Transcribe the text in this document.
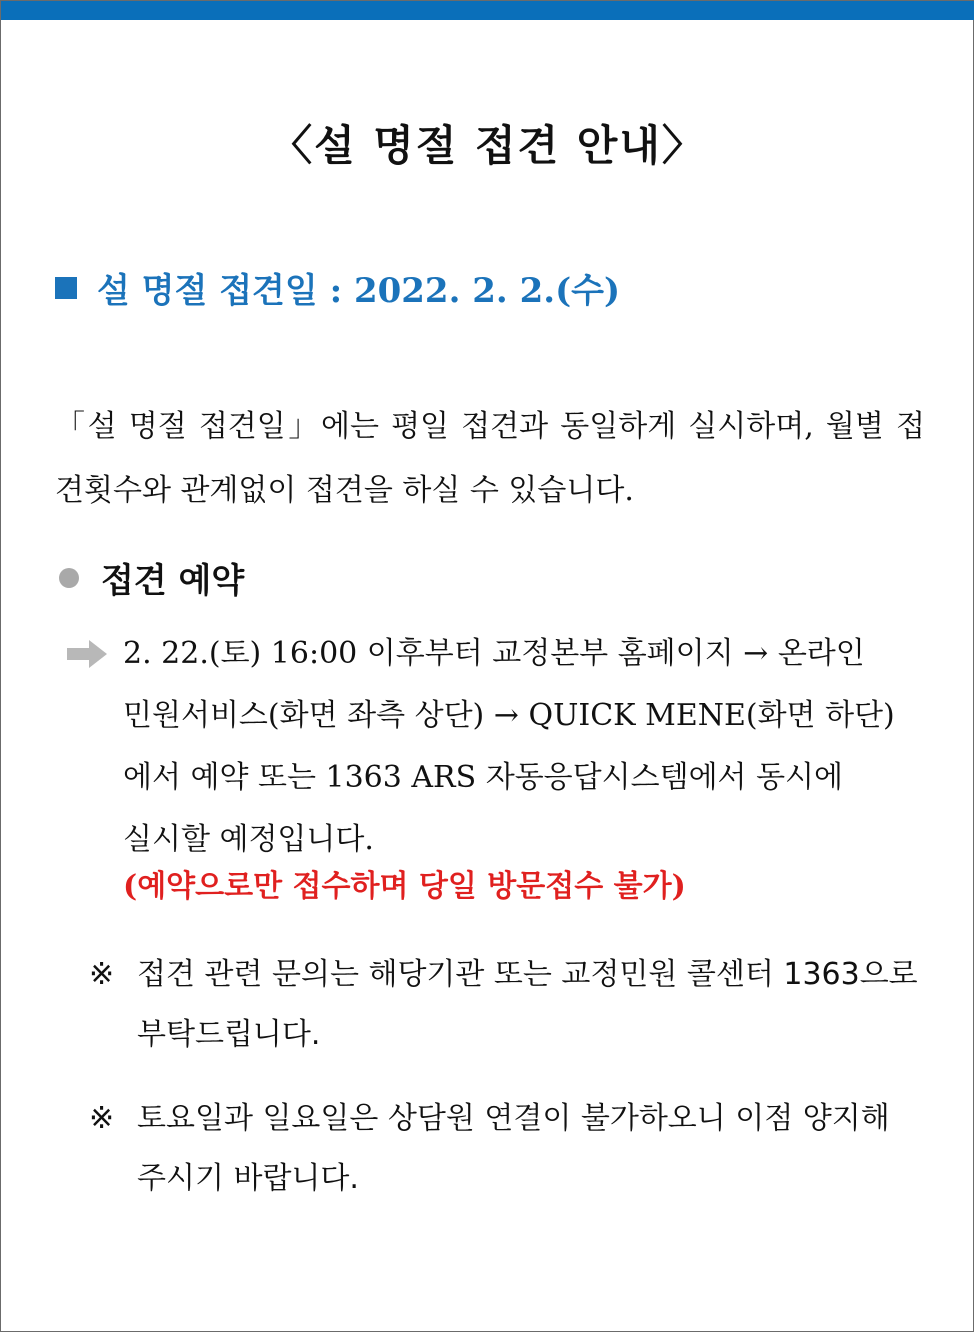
〈설 명절 접견 안내〉
설 명절 접견일 : 2022. 2. 2.(수)

「설 명절 접견일」에는 평일 접견과 동일하게 실시하며, 월별 접견횟수와 관계없이 접견을 하실 수 있습니다.

접견 예약

2. 22.(토) 16:00 이후부터 교정본부 홈페이지 → 온라인
민원서비스(화면 좌측 상단) → QUICK MENE(화면 하단)
에서 예약 또는 1363 ARS 자동응답시스템에서 동시에
실시할 예정입니다.

(예약으로만 접수하며 당일 방문접수 불가)
※ 접견 관련 문의는 해당기관 또는 교정민원 콜센터 1363으로 부탁드립니다.
※ 토요일과 일요일은 상담원 연결이 불가하오니 이점 양지해 주시기 바랍니다.
